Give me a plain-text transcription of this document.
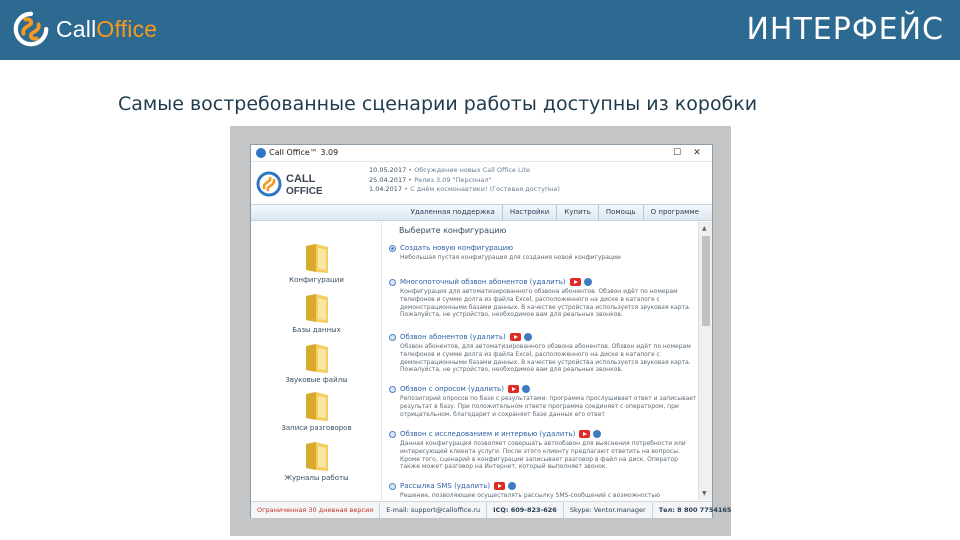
CallOffice	ИНТЕРФЕЙС
Самые востребованные сценарии работы доступны из коробки
Call Office™ 3.09	☐	✕
CALL
OFFICE
10.05.2017 • Обсуждение новых Call Office Lite
25.04.2017 • Релиз 3.09 "Персонал"
1.04.2017 • С днём космонавтики! (Гостевая доступна)
Удаленная поддержка	Настройки	Купить	Помощь	О программе
Конфигурации
Базы данных
Звуковые файлы
Записи разговоров
Журналы работы
Выберите конфигурацию
Создать новую конфигурацию
Небольшая пустая конфигурация для создания новой конфигурации
Многопоточный обзвон абонентов (удалить)
Конфигурация для автоматизированного обзвона абонентов. Обзвон идёт по номерам телефонов и сумме долга из файла Excel, расположенного на диске в каталоге с демонстрационными базами данных. В качестве устройства используется звуковая карта. Пожалуйста, не устройство, необходимое вам для реальных звонков.
Обзвон абонентов (удалить)
Обзвон абонентов, для автоматизированного обзвона абонентов. Обзвон идёт по номерам телефонов и сумме долга из файла Excel, расположенного на диске в каталоге с демонстрационными базами данных. В качестве устройства используется звуковая карта. Пожалуйста, не устройство, необходимое вам для реальных звонков.
Обзвон с опросом (удалить)
Репозиторий опросов по базе с результатами: программа прослушивает ответ и записывает результат в базу. При положительном ответе программа соединяет с оператором, при отрицательном, благодарит и сохраняет базе данных его ответ
Обзвон с исследованием и интервью (удалить)
Данная конфигурация позволяет совершать автообзвон для выяснения потребности или интересующей клиента услуги. После этого клиенту предлагают ответить на вопросы. Кроме того, сценарий в конфигурации записывает разговор в файл на диск. Оператор также может разговор на Интернет, который выполняет звонок.
Рассылка SMS (удалить)
Решение, позволяющее осуществлять рассылку SMS-сообщений с возможностью
▲
▼
Ограниченная 30 дневная версия	E-mail: support@calloffice.ru	ICQ: 609-823-626	Skype: Ventor.manager	Тел: 8 800 7754165
